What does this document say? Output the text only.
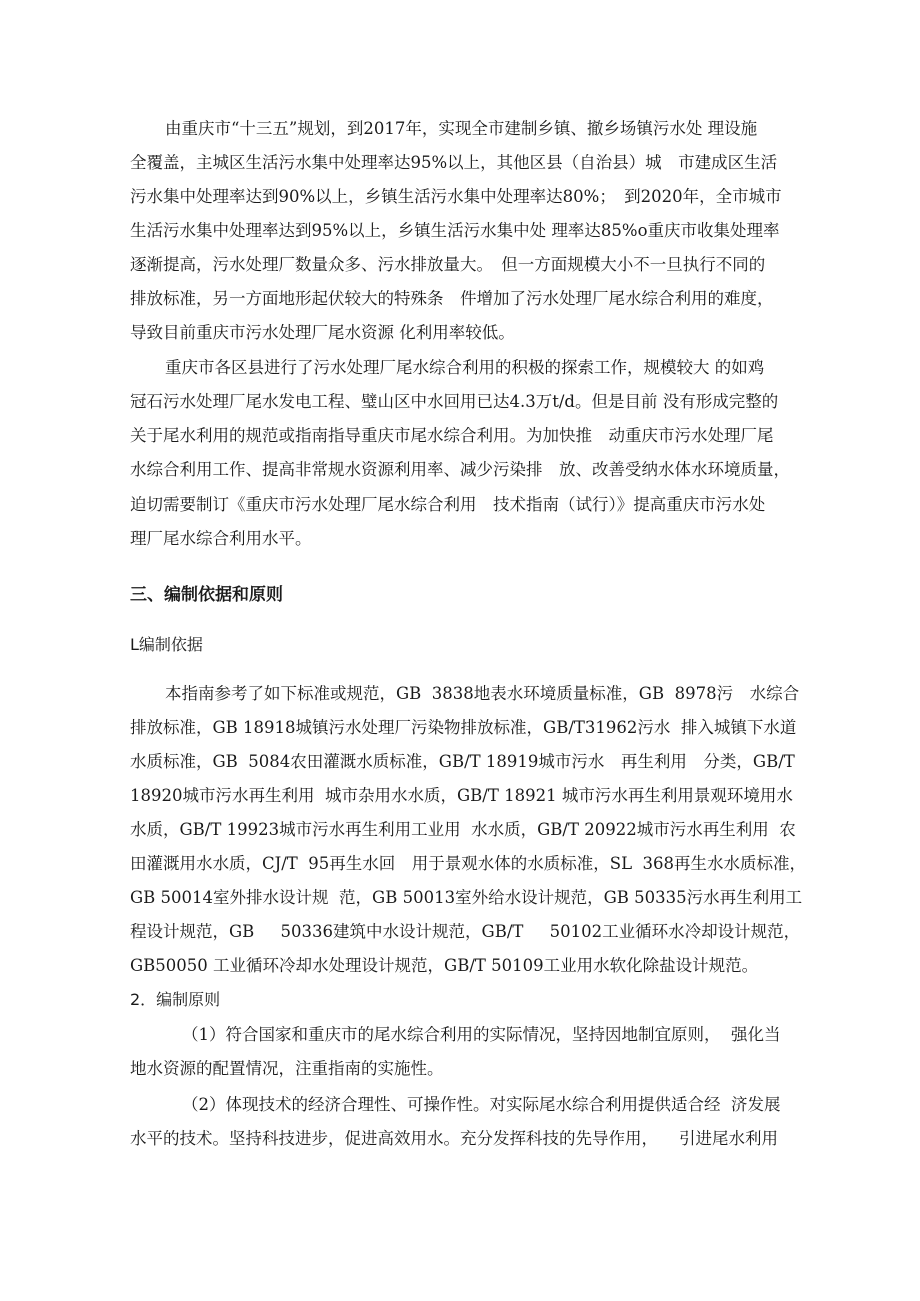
由重庆市“十三五”规划，到2017年，实现全市建制乡镇、撤乡场镇污水处 理设施
全覆盖，主城区生活污水集中处理率达95%以上，其他区县（自治县）城　市建成区生活
污水集中处理率达到90%以上，乡镇生活污水集中处理率达80%；　到2020年，全市城市
生活污水集中处理率达到95%以上，乡镇生活污水集中处 理率达85%o重庆市收集处理率
逐渐提高，污水处理厂数量众多、污水排放量大。　但一方面规模大小不一旦执行不同的
排放标准，另一方面地形起伏较大的特殊条　件增加了污水处理厂尾水综合利用的难度，
导致目前重庆市污水处理厂尾水资源 化利用率较低。
重庆市各区县进行了污水处理厂尾水综合利用的积极的探索工作，规模较大 的如鸡
冠石污水处理厂尾水发电工程、璧山区中水回用已达4.3万t/d。但是目前 没有形成完整的
关于尾水利用的规范或指南指导重庆市尾水综合利用。为加快推　动重庆市污水处理厂尾
水综合利用工作、提高非常规水资源利用率、减少污染排　放、改善受纳水体水环境质量，
迫切需要制订《重庆市污水处理厂尾水综合利用　技术指南（试行）》提高重庆市污水处
理厂尾水综合利用水平。
三、编制依据和原则
L编制依据
本指南参考了如下标准或规范，GB  3838地表水环境质量标准，GB  8978污　水综合
排放标准，GB 18918城镇污水处理厂污染物排放标准，GB/T31962污水  排入城镇下水道
水质标准，GB  5084农田灌溉水质标准，GB/T 18919城市污水　再生利用　分类，GB/T
18920城市污水再生利用  城市杂用水水质，GB/T 18921 城市污水再生利用景观环境用水
水质，GB/T 19923城市污水再生利用工业用  水水质，GB/T 20922城市污水再生利用  农
田灌溉用水水质，CJ/T  95再生水回　用于景观水体的水质标准，SL  368再生水水质标准，
GB 50014室外排水设计规  范，GB 50013室外给水设计规范，GB 50335污水再生利用工
程设计规范，GB     50336建筑中水设计规范，GB/T     50102工业循环水冷却设计规范，
GB50050 工业循环冷却水处理设计规范，GB/T 50109工业用水软化除盐设计规范。
2．编制原则
（1）符合国家和重庆市的尾水综合利用的实际情况，坚持因地制宜原则，  强化当
地水资源的配置情况，注重指南的实施性。
（2）体现技术的经济合理性、可操作性。对实际尾水综合利用提供适合经  济发展
水平的技术。坚持科技进步，促进高效用水。充分发挥科技的先导作用，    引进尾水利用
